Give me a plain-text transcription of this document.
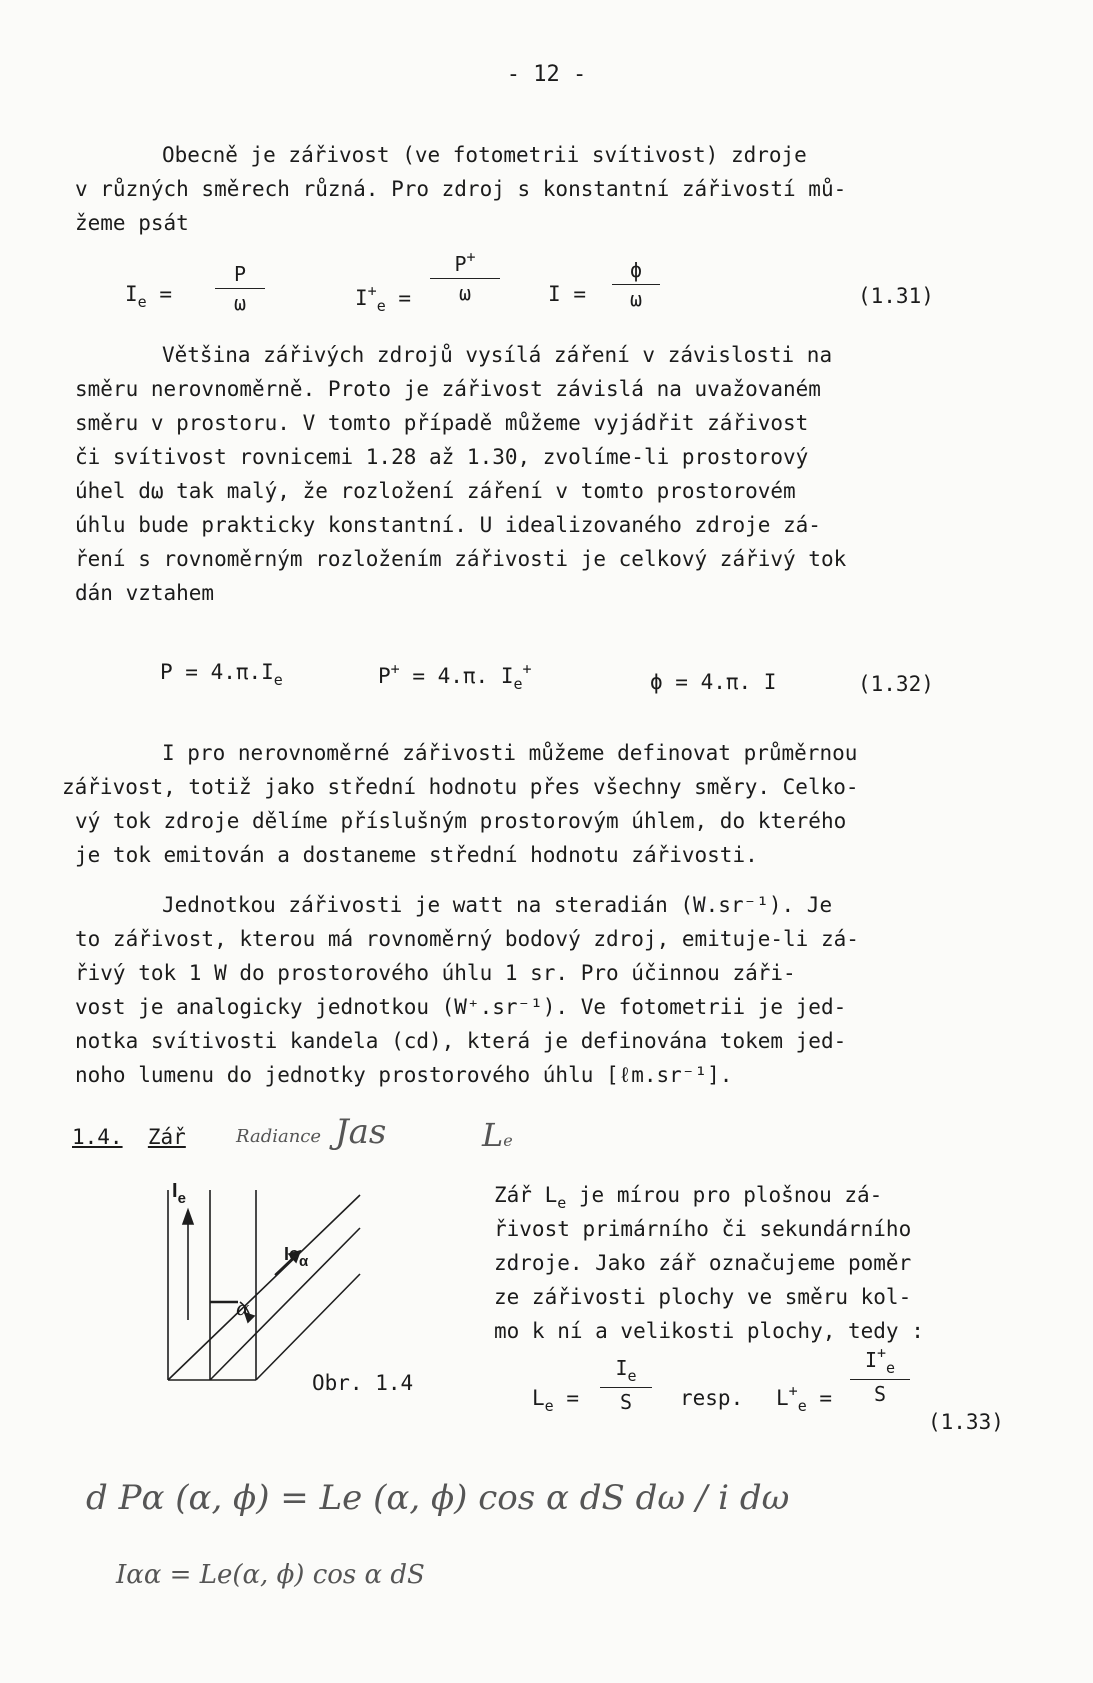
- 12 -
Obecně je zářivost (ve fotometrii svítivost) zdroje
v různých směrech různá. Pro zdroj s konstantní zářivostí mů-
žeme psát
$I_e$ =
P
ω	$I^+_e$ =
P+
ω	I =
ϕ
ω	(1.31)
Většina zářivých zdrojů vysílá záření v závislosti na
směru nerovnoměrně. Proto je zářivost závislá na uvažovaném
směru v prostoru. V tomto případě můžeme vyjádřit zářivost
či svítivost rovnicemi 1.28 až 1.30, zvolíme-li prostorový
úhel dω tak malý, že rozložení záření v tomto prostorovém
úhlu bude prakticky konstantní. U idealizovaného zdroje zá-
ření s rovnoměrným rozložením zářivosti je celkový zářivý tok
dán vztahem
$P = 4.\pi.I_e$	P+ = 4.π. $I_e^+$
ϕ = 4.π. I	(1.32)
I pro nerovnoměrné zářivosti můžeme definovat průměrnou
zářivost, totiž jako střední hodnotu přes všechny směry. Celko-
vý tok zdroje dělíme příslušným prostorovým úhlem, do kterého
je tok emitován a dostaneme střední hodnotu zářivosti.
Jednotkou zářivosti je watt na steradián (W.sr⁻¹). Je
to zářivost, kterou má rovnoměrný bodový zdroj, emituje-li zá-
řivý tok 1 W do prostorového úhlu 1 sr. Pro účinnou záři-
vost je analogicky jednotkou (W⁺.sr⁻¹). Ve fotometrii je jed-
notka svítivosti kandela (cd), která je definována tokem jed-
noho lumenu do jednotky prostorového úhlu [ℓm.sr⁻¹].
1.4. Zář	Radiance Jas	Le
$I_e$
$Ie_\alpha$
α
Obr. 1.4
Zář $L_e$ je mírou pro plošnou zá-
řivost primárního či sekundárního
zdroje. Jako zář označujeme poměr
ze zářivosti plochy ve směru kol-
mo k ní a velikosti plochy, tedy :
$L_e$ =
$I_e$
S	resp. $L^+_e$ =
$I^+_e$
S
(1.33)
d Pα (α, ϕ) = Le (α, ϕ) cos α dS dω / i dω
Iαα = Le(α, ϕ) cos α dS
